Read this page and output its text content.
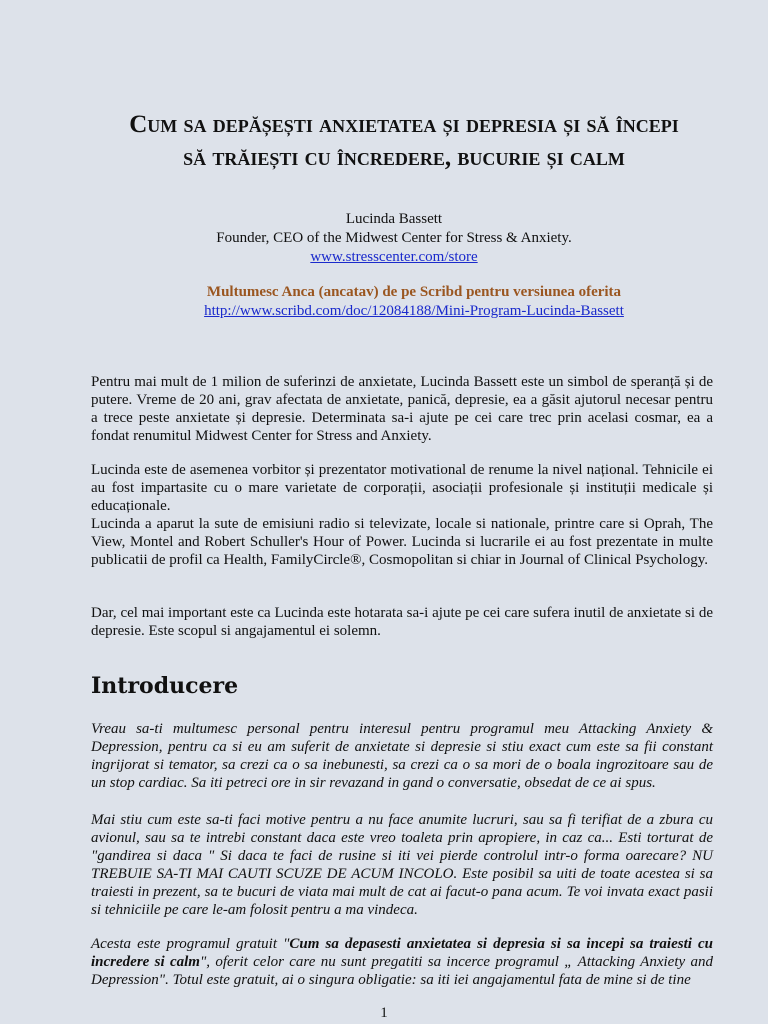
Cum sa depășești anxietatea și depresia și să începi
să trăiești cu încredere, bucurie și calm
Lucinda Bassett
Founder, CEO of the Midwest Center for Stress & Anxiety.
www.stresscenter.com/store
Multumesc Anca (ancatav) de pe Scribd pentru versiunea oferita
http://www.scribd.com/doc/12084188/Mini-Program-Lucinda-Bassett
Pentru mai mult de 1 milion de suferinzi de anxietate, Lucinda Bassett este un simbol de speranță și de putere. Vreme de 20 ani, grav afectata de anxietate, panică, depresie, ea a găsit ajutorul necesar pentru a trece peste anxietate și depresie. Determinata sa-i ajute pe cei care trec prin acelasi cosmar, ea a fondat renumitul Midwest Center for Stress and Anxiety.
Lucinda este de asemenea vorbitor și prezentator motivational de renume la nivel național. Tehnicile ei au fost impartasite cu o mare varietate de corporații, asociații profesionale și instituții medicale și educaționale.
Lucinda a aparut la sute de emisiuni radio si televizate, locale si nationale, printre care si Oprah, The View, Montel and Robert Schuller's Hour of Power. Lucinda si lucrarile ei au fost prezentate in multe publicatii de profil ca Health, FamilyCircle®, Cosmopolitan si chiar in Journal of Clinical Psychology.
Dar, cel mai important este ca Lucinda este hotarata sa-i ajute pe cei care sufera inutil de anxietate si de depresie. Este scopul si angajamentul ei solemn.
Introducere
Vreau sa-ti multumesc personal pentru interesul pentru programul meu Attacking Anxiety & Depression, pentru ca si eu am suferit de anxietate si depresie si stiu exact cum este sa fii constant ingrijorat si temator, sa crezi ca o sa inebunesti, sa crezi ca o sa mori de o boala ingrozitoare sau de un stop cardiac. Sa iti petreci ore in sir revazand in gand o conversatie, obsedat de ce ai spus.
Mai stiu cum este sa-ti faci motive pentru a nu face anumite lucruri, sau sa fi terifiat de a zbura cu avionul, sau sa te intrebi constant daca este vreo toaleta prin apropiere, in caz ca... Esti torturat de "gandirea si daca " Si daca te faci de rusine si iti vei pierde controlul intr-o forma oarecare? NU TREBUIE SA-TI MAI CAUTI SCUZE DE ACUM INCOLO. Este posibil sa uiti de toate acestea si sa traiesti in prezent, sa te bucuri de viata mai mult de cat ai facut-o pana acum. Te voi invata exact pasii si tehniciile pe care le-am folosit pentru a ma vindeca.
Acesta este programul gratuit "Cum sa depasesti anxietatea si depresia si sa incepi sa traiesti cu incredere si calm", oferit celor care nu sunt pregatiti sa incerce programul „ Attacking Anxiety and Depression". Totul este gratuit, ai o singura obligatie: sa iti iei angajamentul fata de mine si de tine
1
